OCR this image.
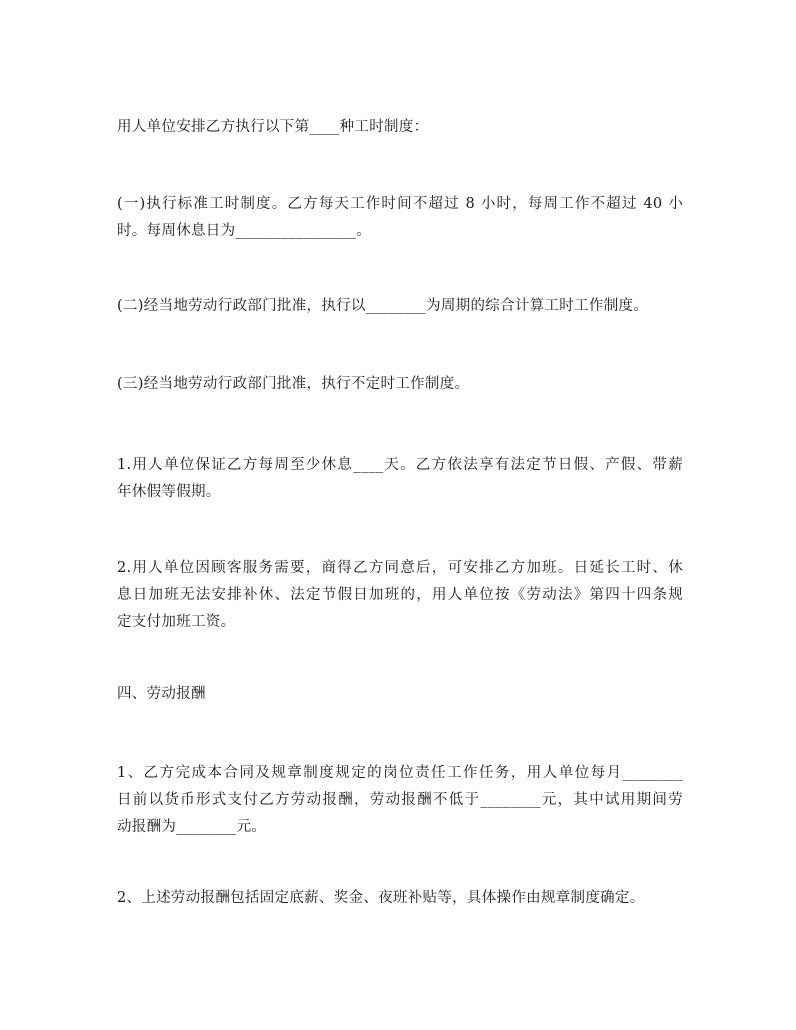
用人单位安排乙方执行以下第____种工时制度：

(一)执行标准工时制度。乙方每天工作时间不超过 8 小时，每周工作不超过 40 小
时。每周休息日为________________。

(二)经当地劳动行政部门批准，执行以________为周期的综合计算工时工作制度。

(三)经当地劳动行政部门批准，执行不定时工作制度。

1.用人单位保证乙方每周至少休息____天。乙方依法享有法定节日假、产假、带薪
年休假等假期。

2.用人单位因顾客服务需要，商得乙方同意后，可安排乙方加班。日延长工时、休
息日加班无法安排补休、法定节假日加班的，用人单位按《劳动法》第四十四条规
定支付加班工资。

四、劳动报酬

1、乙方完成本合同及规章制度规定的岗位责任工作任务，用人单位每月________
日前以货币形式支付乙方劳动报酬，劳动报酬不低于________元，其中试用期间劳
动报酬为________元。

2、上述劳动报酬包括固定底薪、奖金、夜班补贴等，具体操作由规章制度确定。
